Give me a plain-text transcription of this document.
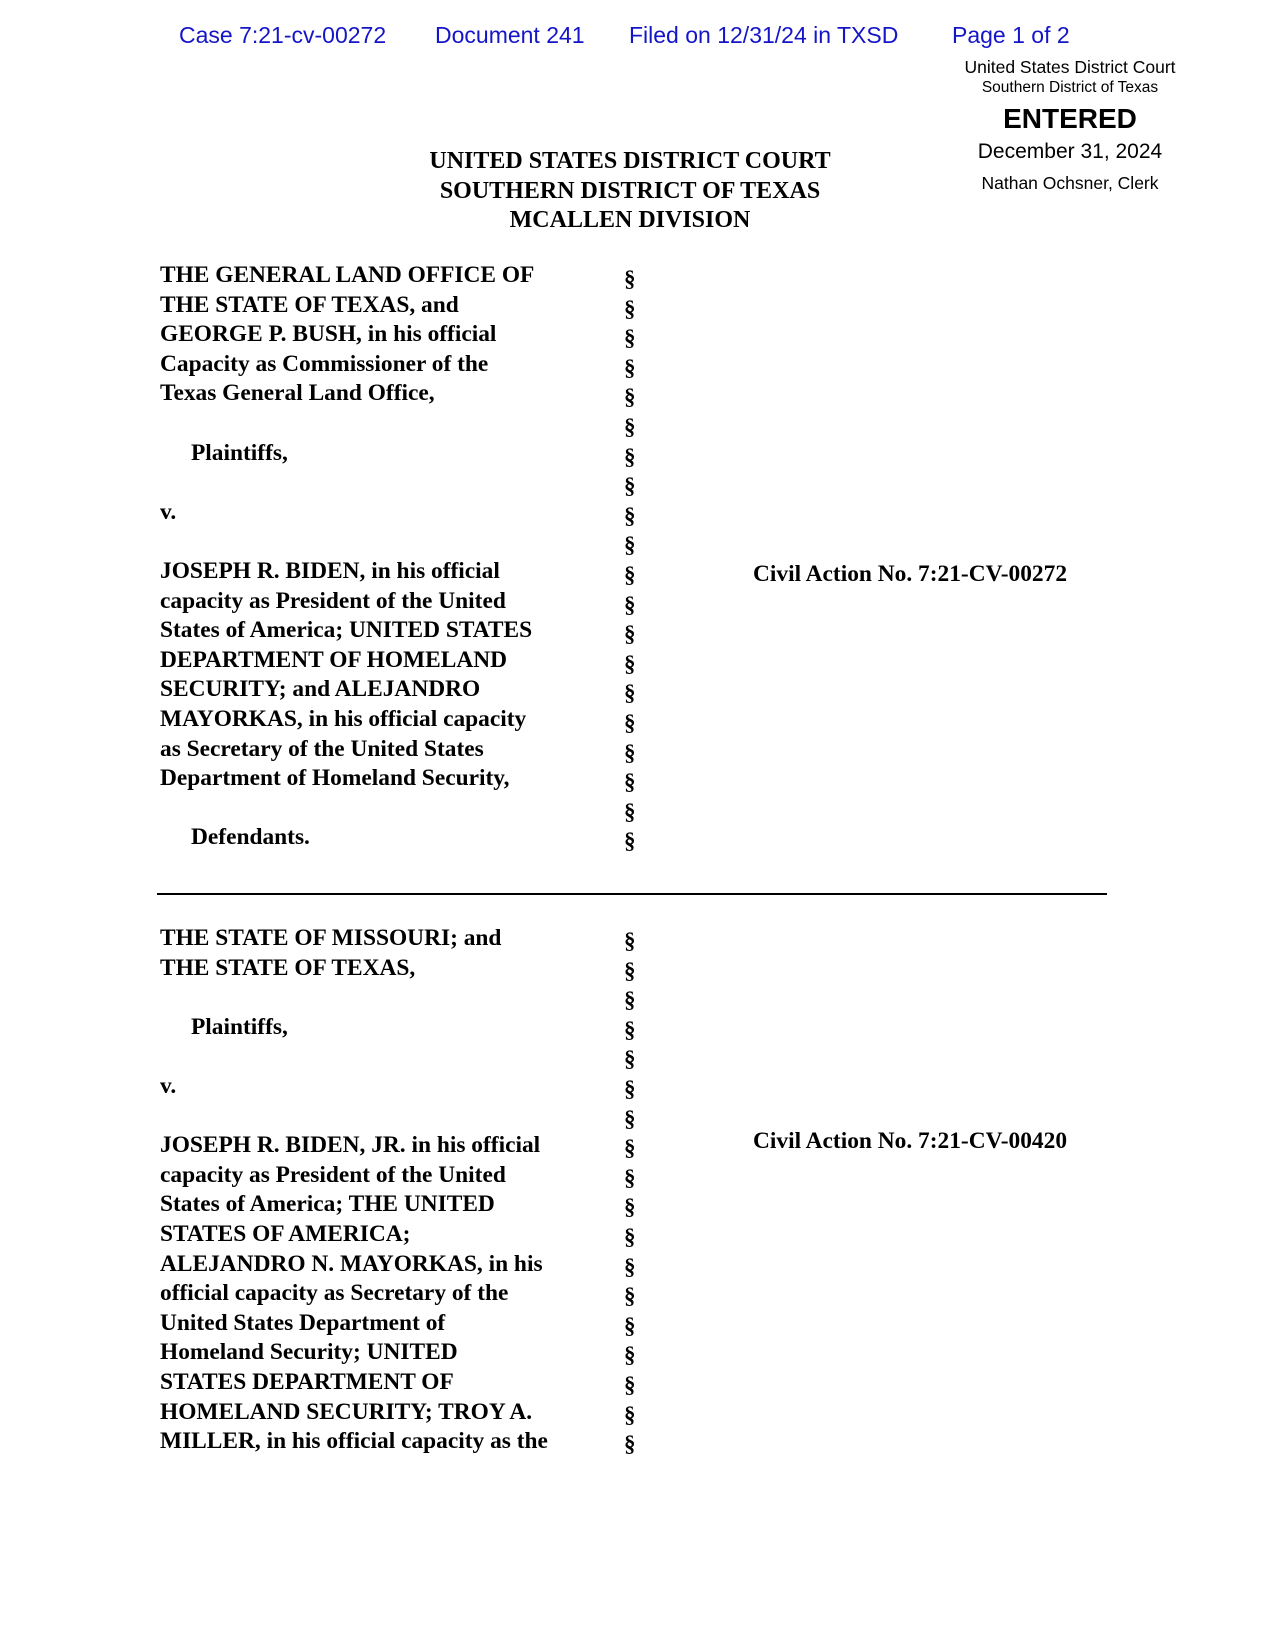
Case 7:21-cv-00272 Document 241 Filed on 12/31/24 in TXSD Page 1 of 2
United States District Court
Southern District of Texas
ENTERED
December 31, 2024
Nathan Ochsner, Clerk
UNITED STATES DISTRICT COURT
SOUTHERN DISTRICT OF TEXAS
MCALLEN DIVISION
THE GENERAL LAND OFFICE OF
THE STATE OF TEXAS, and
GEORGE P. BUSH, in his official
Capacity as Commissioner of the
Texas General Land Office,
Plaintiffs,
v.
JOSEPH R. BIDEN, in his official
capacity as President of the United
States of America; UNITED STATES
DEPARTMENT OF HOMELAND
SECURITY; and ALEJANDRO
MAYORKAS, in his official capacity
as Secretary of the United States
Department of Homeland Security,
Defendants.
§
§
§
§
§
§
§
§
§
§
§
§
§
§
§
§
§
§
§
§
Civil Action No. 7:21-CV-00272
THE STATE OF MISSOURI; and
THE STATE OF TEXAS,
Plaintiffs,
v.
JOSEPH R. BIDEN, JR. in his official
capacity as President of the United
States of America; THE UNITED
STATES OF AMERICA;
ALEJANDRO N. MAYORKAS, in his
official capacity as Secretary of the
United States Department of
Homeland Security; UNITED
STATES DEPARTMENT OF
HOMELAND SECURITY; TROY A.
MILLER, in his official capacity as the
§
§
§
§
§
§
§
§
§
§
§
§
§
§
§
§
§
§
Civil Action No. 7:21-CV-00420
